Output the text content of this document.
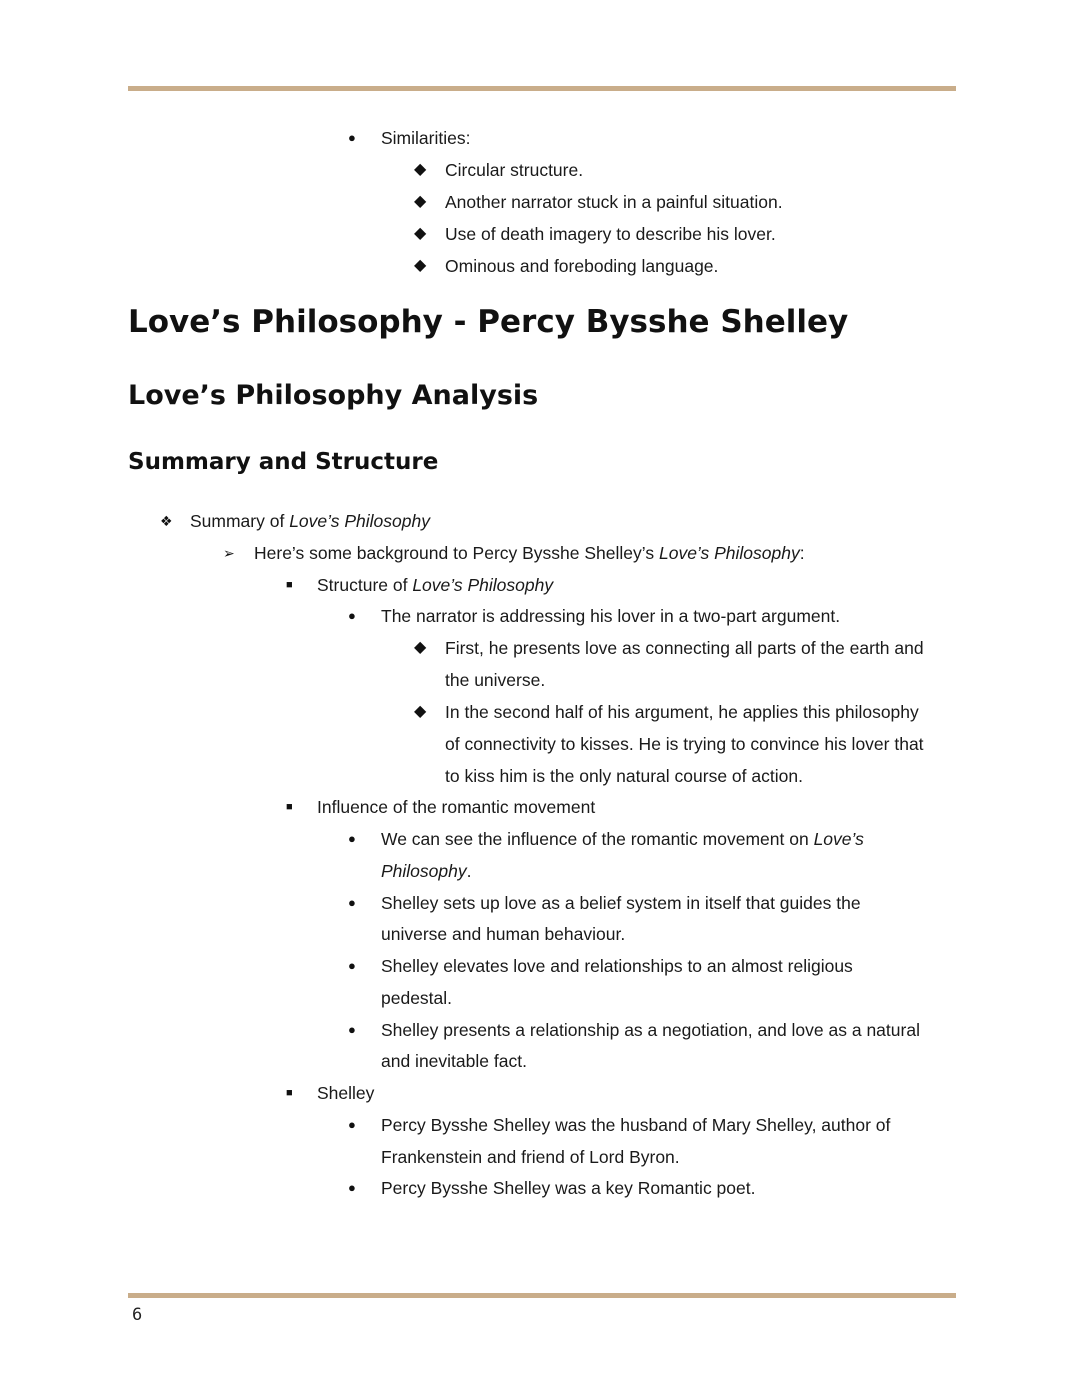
● Similarities:
◆ Circular structure.
◆ Another narrator stuck in a painful situation.
◆ Use of death imagery to describe his lover.
◆ Ominous and foreboding language.
Love’s Philosophy - Percy Bysshe Shelley
Love’s Philosophy Analysis
Summary and Structure
❖ Summary of Love’s Philosophy
➢ Here’s some background to Percy Bysshe Shelley’s Love’s Philosophy:
■ Structure of Love’s Philosophy
● The narrator is addressing his lover in a two-part argument.
◆ First, he presents love as connecting all parts of the earth and
the universe.
◆ In the second half of his argument, he applies this philosophy
of connectivity to kisses. He is trying to convince his lover that
to kiss him is the only natural course of action.
■ Influence of the romantic movement
● We can see the influence of the romantic movement on Love’s
Philosophy.
● Shelley sets up love as a belief system in itself that guides the
universe and human behaviour.
● Shelley elevates love and relationships to an almost religious
pedestal.
● Shelley presents a relationship as a negotiation, and love as a natural
and inevitable fact.
■ Shelley
● Percy Bysshe Shelley was the husband of Mary Shelley, author of
Frankenstein and friend of Lord Byron.
● Percy Bysshe Shelley was a key Romantic poet.
6
